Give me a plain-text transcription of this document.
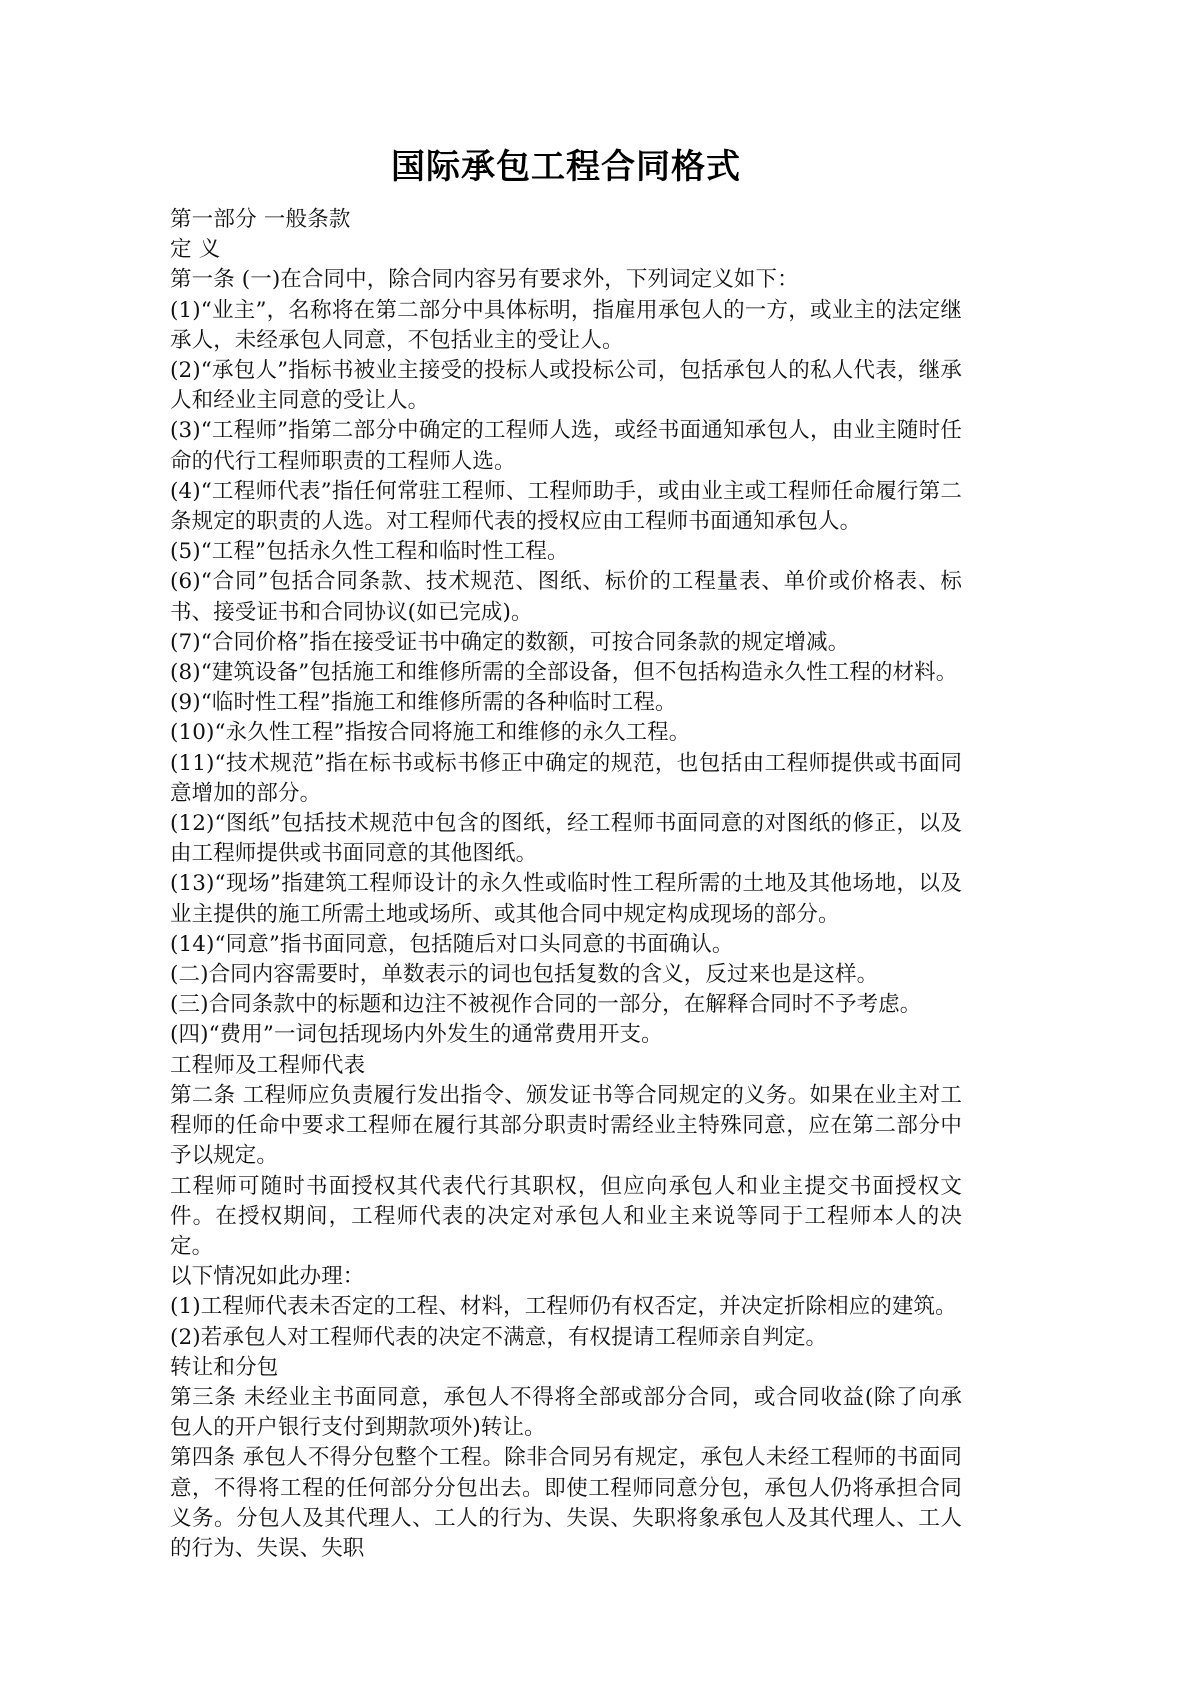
国际承包工程合同格式

第一部分 一般条款

定 义

第一条 (一)在合同中，除合同内容另有要求外，下列词定义如下：

(1)“业主”，名称将在第二部分中具体标明，指雇用承包人的一方，或业主的法定继承人，未经承包人同意，不包括业主的受让人。

(2)“承包人”指标书被业主接受的投标人或投标公司，包括承包人的私人代表，继承人和经业主同意的受让人。

(3)“工程师”指第二部分中确定的工程师人选，或经书面通知承包人，由业主随时任命的代行工程师职责的工程师人选。

(4)“工程师代表”指任何常驻工程师、工程师助手，或由业主或工程师任命履行第二条规定的职责的人选。对工程师代表的授权应由工程师书面通知承包人。

(5)“工程”包括永久性工程和临时性工程。

(6)“合同”包括合同条款、技术规范、图纸、标价的工程量表、单价或价格表、标书、接受证书和合同协议(如已完成)。

(7)“合同价格”指在接受证书中确定的数额，可按合同条款的规定增减。

(8)“建筑设备”包括施工和维修所需的全部设备，但不包括构造永久性工程的材料。

(9)“临时性工程”指施工和维修所需的各种临时工程。

(10)“永久性工程”指按合同将施工和维修的永久工程。

(11)“技术规范”指在标书或标书修正中确定的规范，也包括由工程师提供或书面同意增加的部分。

(12)“图纸”包括技术规范中包含的图纸，经工程师书面同意的对图纸的修正，以及由工程师提供或书面同意的其他图纸。

(13)“现场”指建筑工程师设计的永久性或临时性工程所需的土地及其他场地，以及业主提供的施工所需土地或场所、或其他合同中规定构成现场的部分。

(14)“同意”指书面同意，包括随后对口头同意的书面确认。

(二)合同内容需要时，单数表示的词也包括复数的含义，反过来也是这样。

(三)合同条款中的标题和边注不被视作合同的一部分，在解释合同时不予考虑。

(四)“费用”一词包括现场内外发生的通常费用开支。

工程师及工程师代表

第二条 工程师应负责履行发出指令、颁发证书等合同规定的义务。如果在业主对工程师的任命中要求工程师在履行其部分职责时需经业主特殊同意，应在第二部分中予以规定。

工程师可随时书面授权其代表代行其职权，但应向承包人和业主提交书面授权文件。在授权期间，工程师代表的决定对承包人和业主来说等同于工程师本人的决定。

以下情况如此办理：

(1)工程师代表未否定的工程、材料，工程师仍有权否定，并决定折除相应的建筑。

(2)若承包人对工程师代表的决定不满意，有权提请工程师亲自判定。

转让和分包

第三条 未经业主书面同意，承包人不得将全部或部分合同，或合同收益(除了向承包人的开户银行支付到期款项外)转让。

第四条 承包人不得分包整个工程。除非合同另有规定，承包人未经工程师的书面同意，不得将工程的任何部分分包出去。即使工程师同意分包，承包人仍将承担合同义务。分包人及其代理人、工人的行为、失误、失职将象承包人及其代理人、工人的行为、失误、失职
